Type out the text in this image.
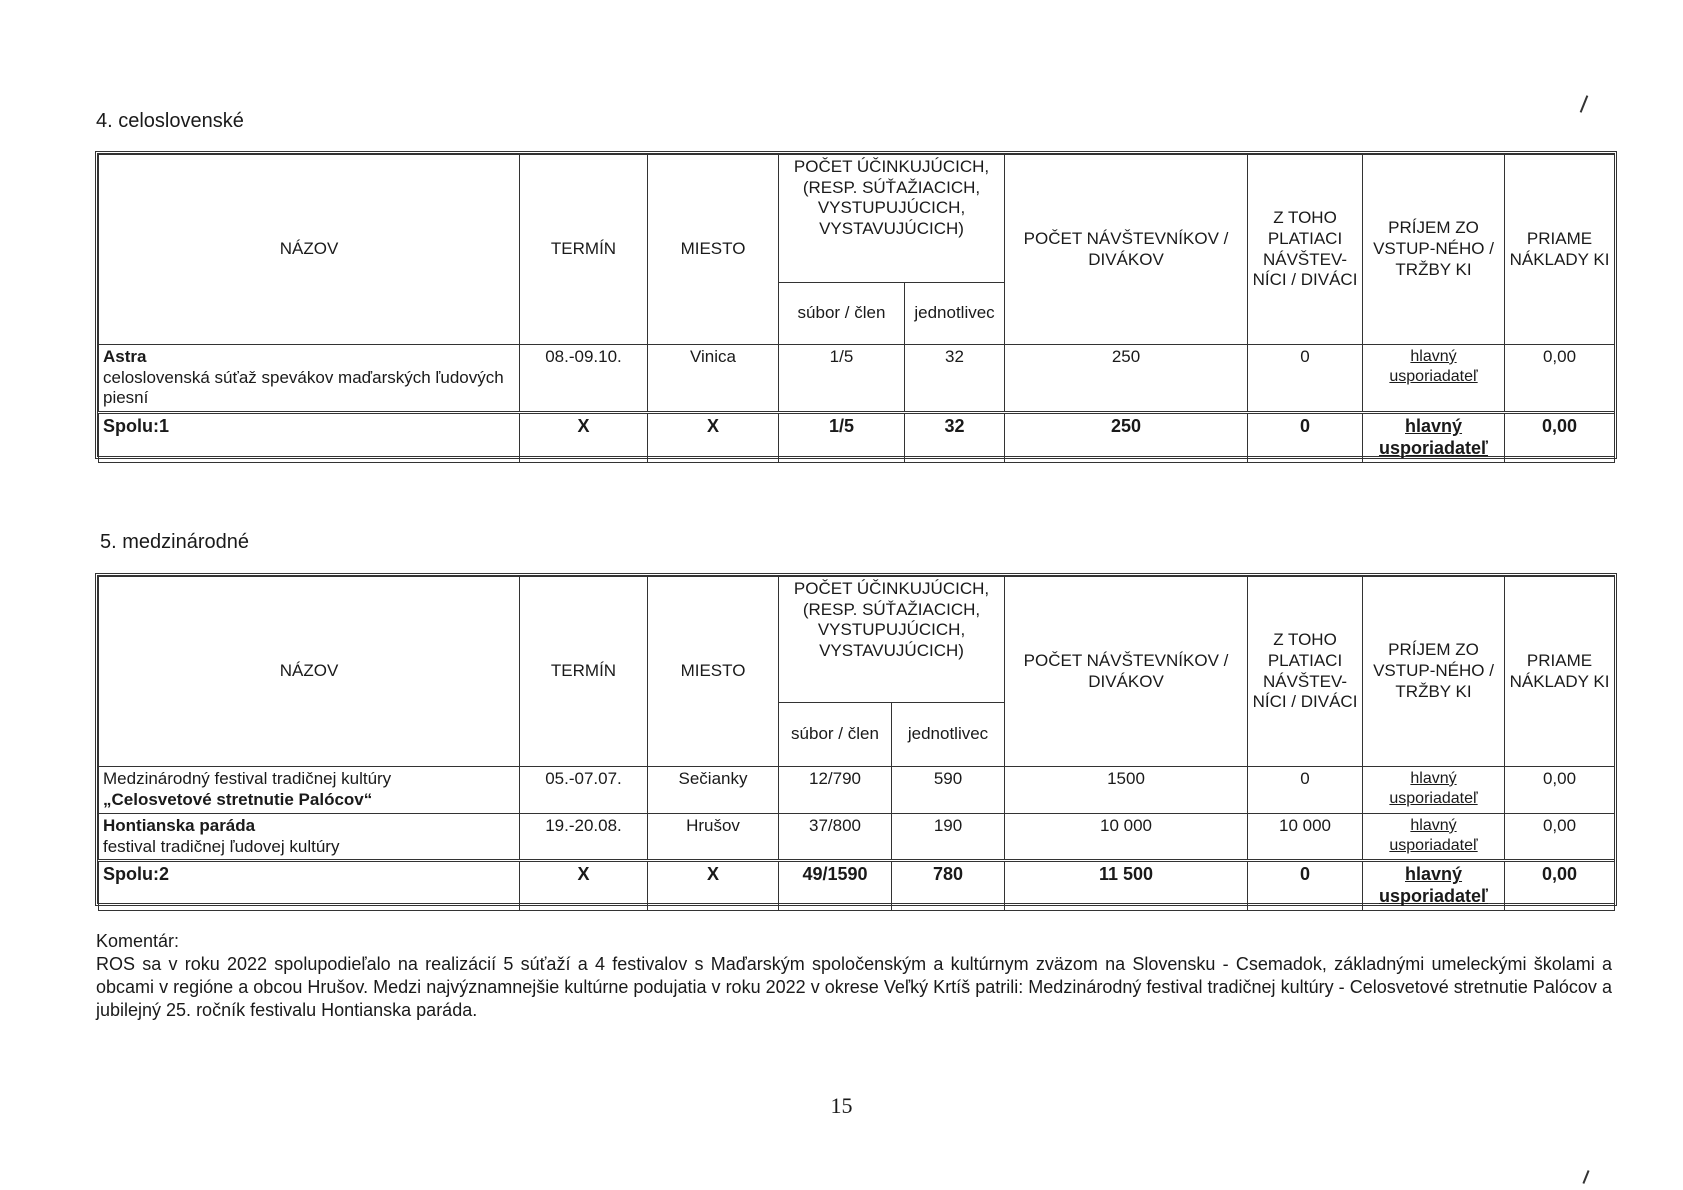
4. celoslovenské
NÁZOV	TERMÍN	MIESTO	POČET ÚČINKUJÚCICH, (RESP. SÚŤAŽIACICH, VYSTUPUJÚCICH, VYSTAVUJÚCICH)		POČET NÁVŠTEVNÍKOV / DIVÁKOV	Z TOHO PLATIACI NÁVŠTEV-NÍCI / DIVÁCI	PRÍJEM ZO VSTUP-NÉHO / TRŽBY KI	PRIAME NÁKLADY KI
			súbor / člen	jednotlivec				
Astra
celoslovenská súťaž spevákov maďarských ľudových piesní	08.-09.10.	Vinica	1/5	32	250	0	hlavný usporiadateľ	0,00
Spolu:1	X	X	1/5	32	250	0	hlavný usporiadateľ	0,00
5. medzinárodné
NÁZOV	TERMÍN	MIESTO	POČET ÚČINKUJÚCICH, (RESP. SÚŤAŽIACICH, VYSTUPUJÚCICH, VYSTAVUJÚCICH)		POČET NÁVŠTEVNÍKOV / DIVÁKOV	Z TOHO PLATIACI NÁVŠTEV-NÍCI / DIVÁCI	PRÍJEM ZO VSTUP-NÉHO / TRŽBY KI	PRIAME NÁKLADY KI
			súbor / člen	jednotlivec				
Medzinárodný festival tradičnej kultúry
„Celosvetové stretnutie Palócov“	05.-07.07.	Sečianky	12/790	590	1500	0	hlavný usporiadateľ	0,00
Hontianska paráda
festival tradičnej ľudovej kultúry	19.-20.08.	Hrušov	37/800	190	10 000	10 000	hlavný usporiadateľ	0,00
Spolu:2	X	X	49/1590	780	11 500	0	hlavný usporiadateľ	0,00
Komentár:
ROS sa v roku 2022 spolupodieľalo na realizácií 5 súťaží a 4 festivalov s Maďarským spoločenským a kultúrnym zväzom na Slovensku - Csemadok, základnými umeleckými školami a obcami v regióne a obcou Hrušov. Medzi najvýznamnejšie kultúrne podujatia v roku 2022 v okrese Veľký Krtíš patrili: Medzinárodný festival tradičnej kultúry - Celosvetové stretnutie Palócov a jubilejný 25. ročník festivalu Hontianska paráda.
15
